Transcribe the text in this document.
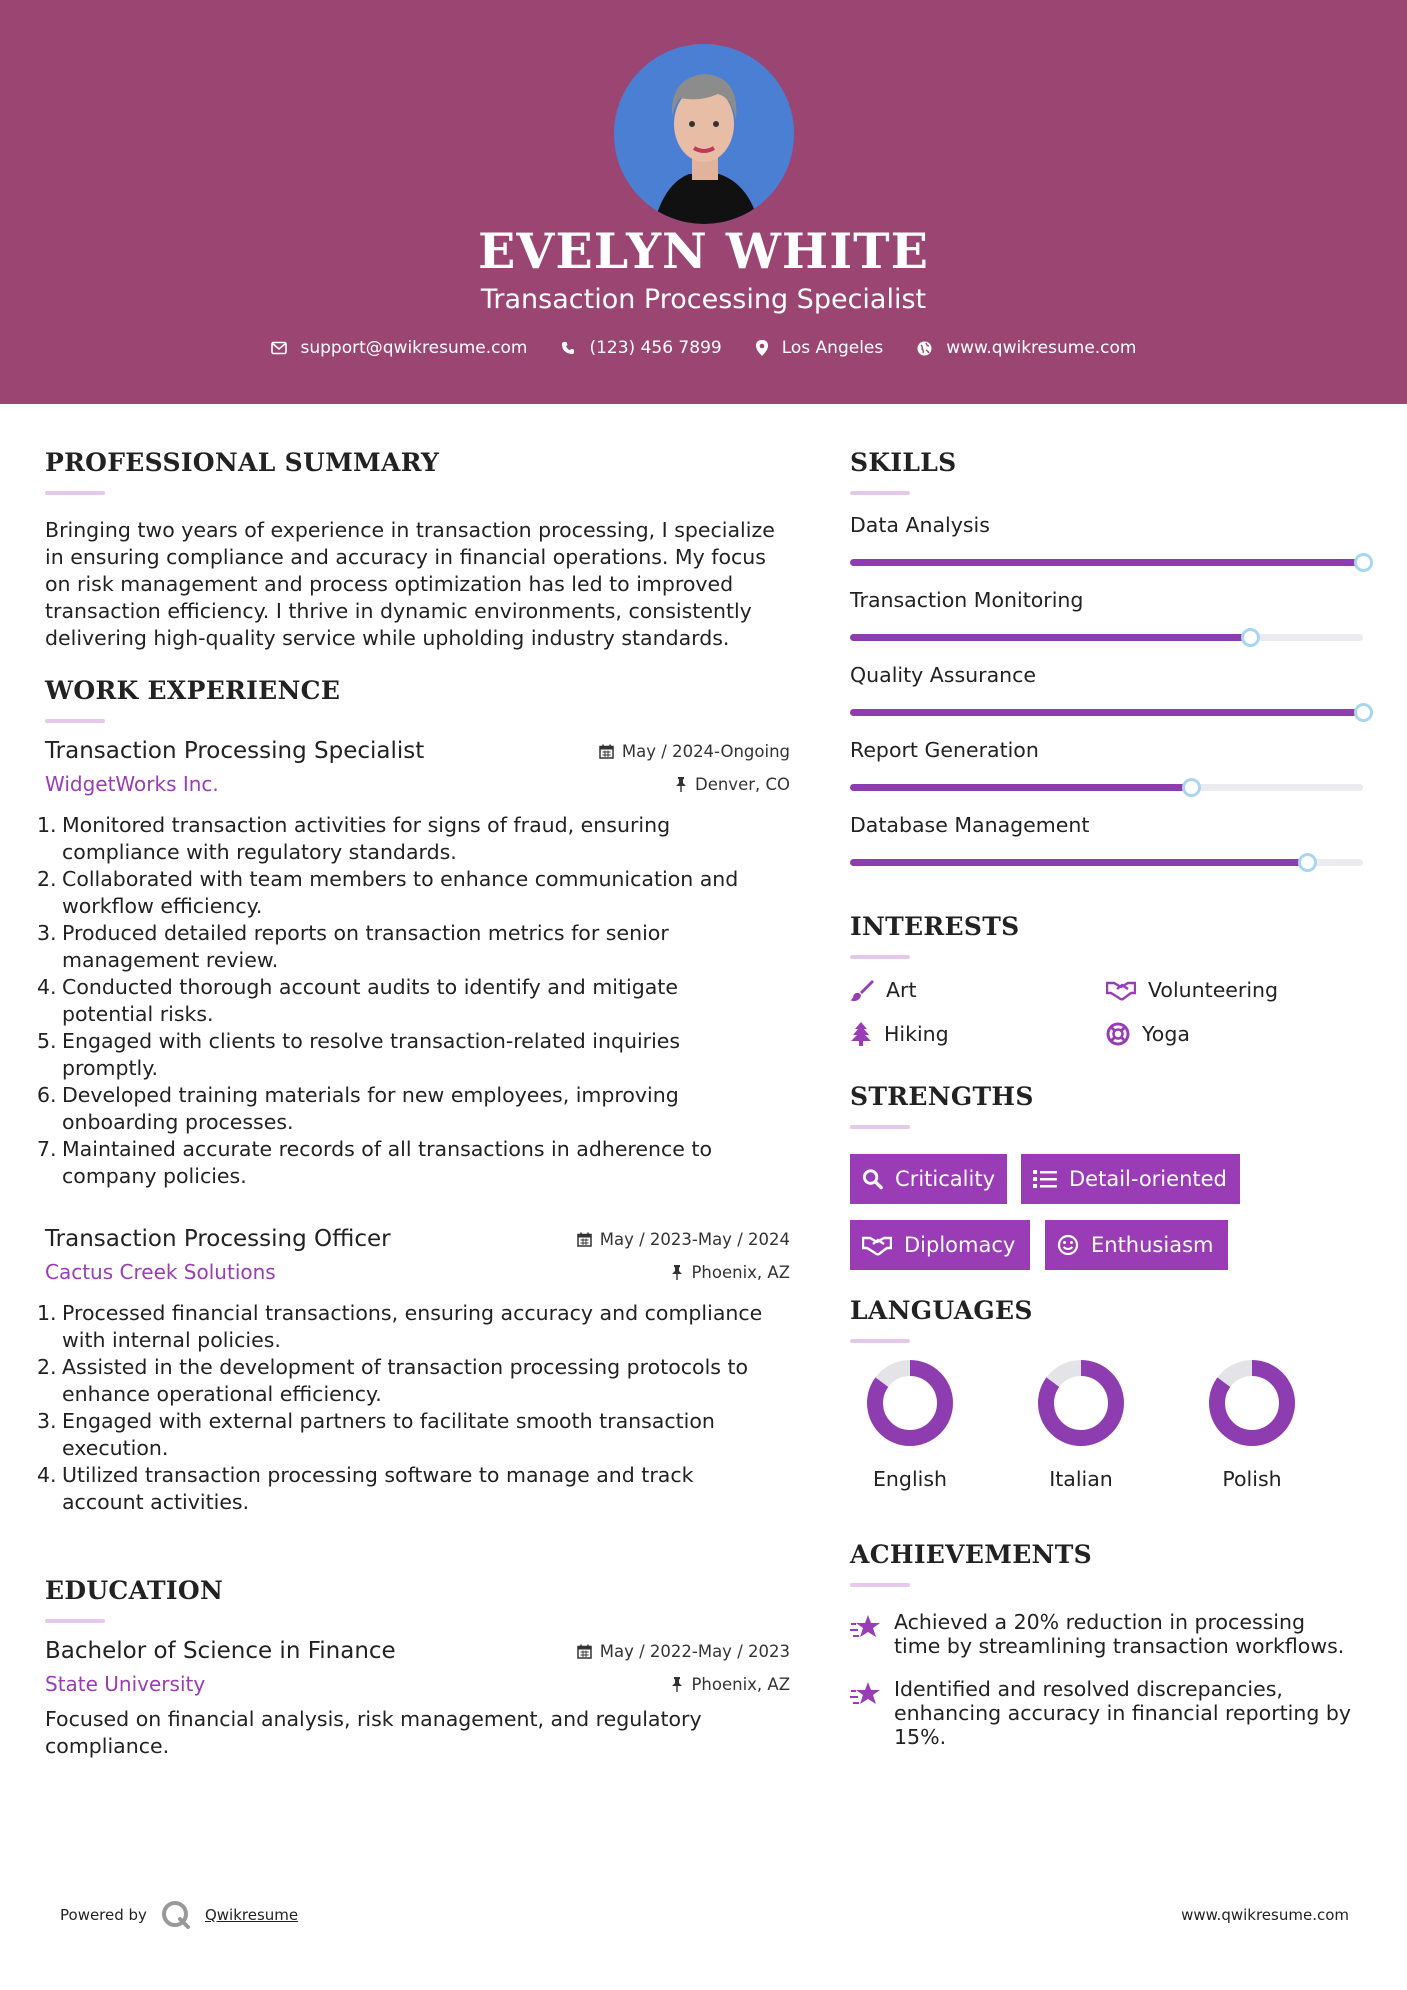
EVELYN WHITE
Transaction Processing Specialist
support@qwikresume.com	(123) 456 7899	Los Angeles	www.qwikresume.com
PROFESSIONAL SUMMARY
Bringing two years of experience in transaction processing, I specialize
in ensuring compliance and accuracy in financial operations. My focus
on risk management and process optimization has led to improved
transaction efficiency. I thrive in dynamic environments, consistently
delivering high-quality service while upholding industry standards.
WORK EXPERIENCE
Transaction Processing Specialist	May / 2024-Ongoing
WidgetWorks Inc.	Denver, CO
1. Monitored transaction activities for signs of fraud, ensuring
compliance with regulatory standards.
2. Collaborated with team members to enhance communication and
workflow efficiency.
3. Produced detailed reports on transaction metrics for senior
management review.
4. Conducted thorough account audits to identify and mitigate
potential risks.
5. Engaged with clients to resolve transaction-related inquiries
promptly.
6. Developed training materials for new employees, improving
onboarding processes.
7. Maintained accurate records of all transactions in adherence to
company policies.
Transaction Processing Officer	May / 2023-May / 2024
Cactus Creek Solutions	Phoenix, AZ
1. Processed financial transactions, ensuring accuracy and compliance
with internal policies.
2. Assisted in the development of transaction processing protocols to
enhance operational efficiency.
3. Engaged with external partners to facilitate smooth transaction
execution.
4. Utilized transaction processing software to manage and track
account activities.
EDUCATION
Bachelor of Science in Finance	May / 2022-May / 2023
State University	Phoenix, AZ
Focused on financial analysis, risk management, and regulatory
compliance.
SKILLS
Data Analysis
Transaction Monitoring
Quality Assurance
Report Generation
Database Management
INTERESTS
Art	Volunteering
Hiking	Yoga
STRENGTHS
Criticality	Detail-oriented
Diplomacy	Enthusiasm
LANGUAGES
English	Italian	Polish
ACHIEVEMENTS
Achieved a 20% reduction in processing
time by streamlining transaction workflows.
Identified and resolved discrepancies,
enhancing accuracy in financial reporting by
15%.
Powered by	Qwikresume	www.qwikresume.com
